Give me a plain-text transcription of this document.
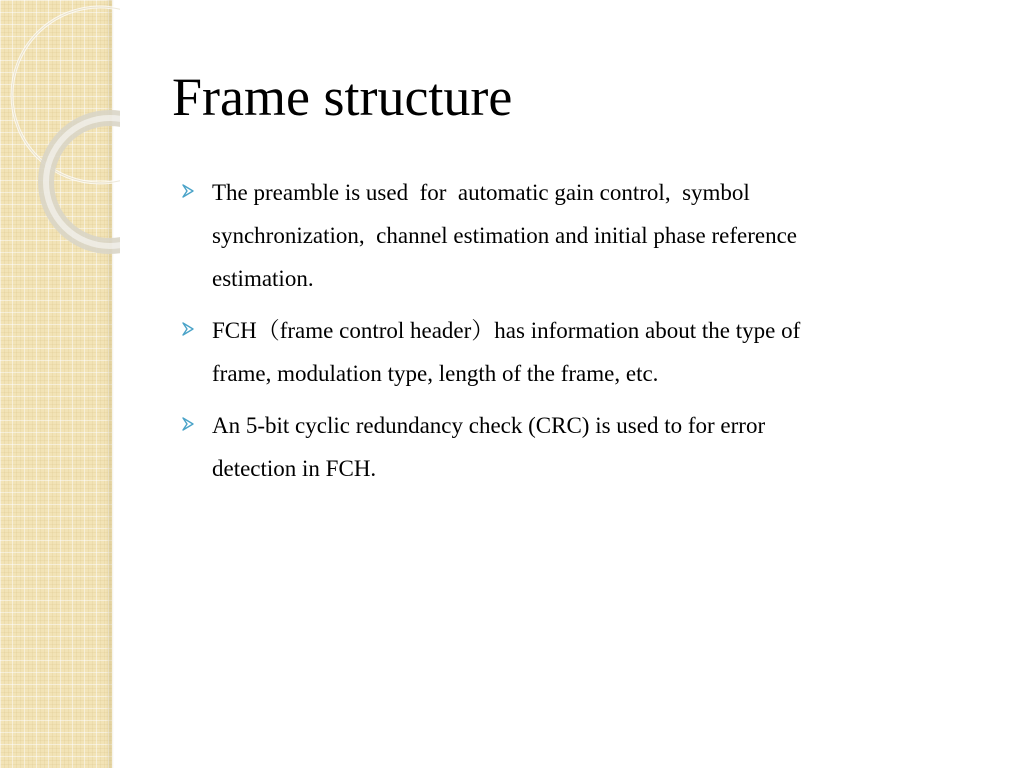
Frame structure
The preamble is used  for  automatic gain control,  symbol
synchronization,  channel estimation and initial phase reference
estimation.
FCH（frame control header）has information about the type of
frame, modulation type, length of the frame, etc.
An 5-bit cyclic redundancy check (CRC) is used to for error
detection in FCH.
